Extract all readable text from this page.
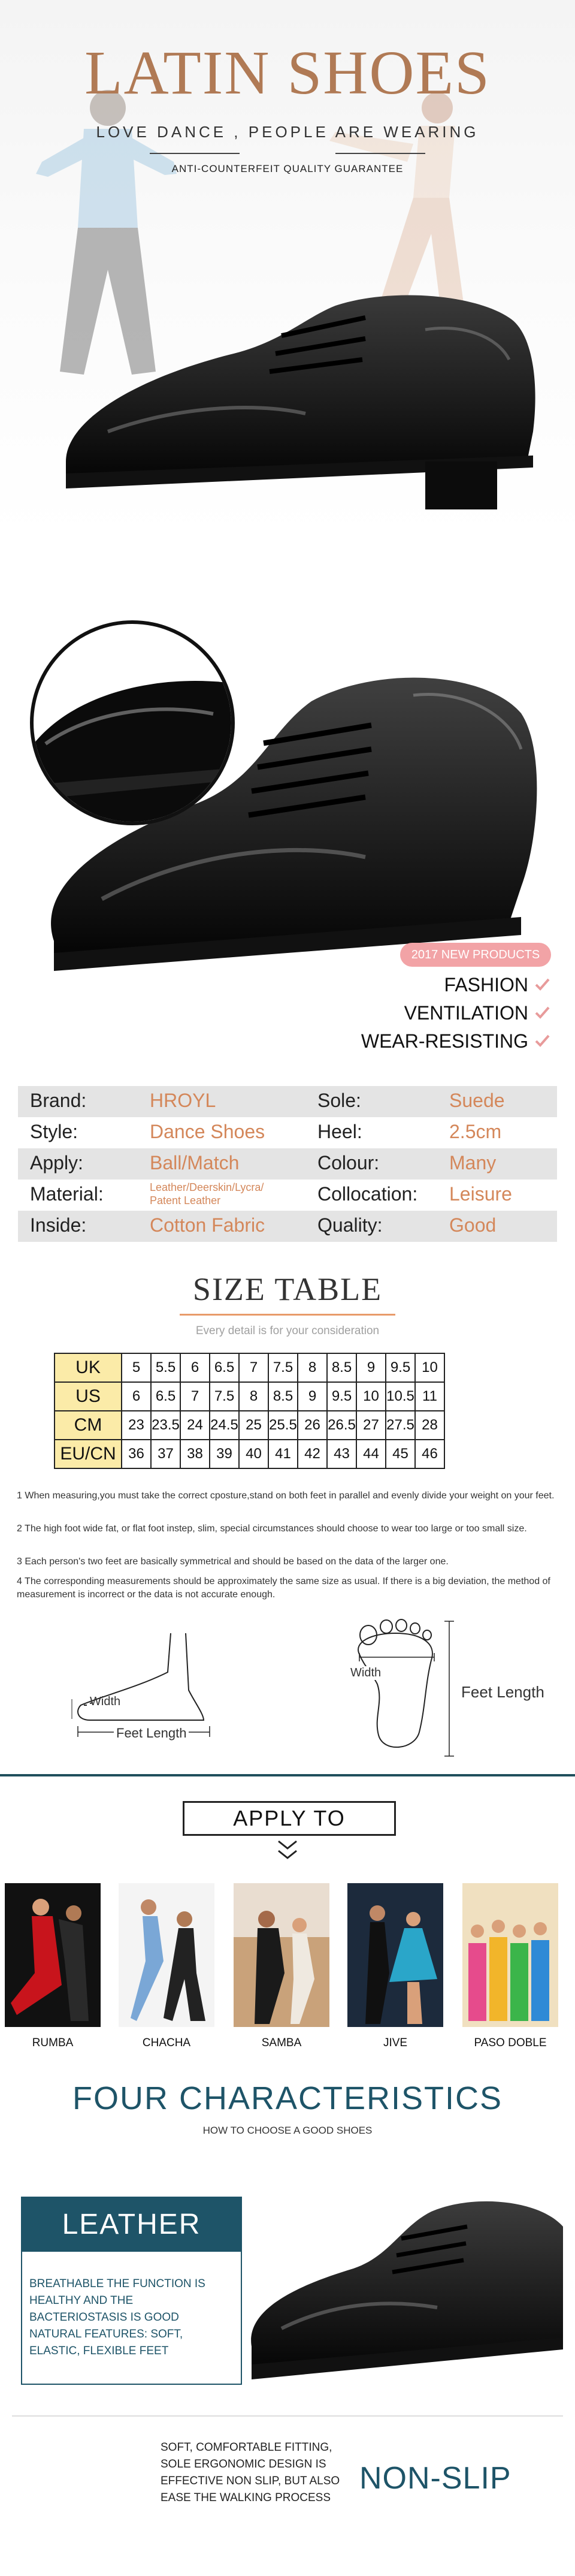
LATIN SHOES
LOVE DANCE , PEOPLE ARE WEARING
ANTI-COUNTERFEIT QUALITY GUARANTEE
2017 NEW PRODUCTS
FASHION
VENTILATION
WEAR-RESISTING
Brand:	HROYL	Sole:	Suede
Style:	Dance Shoes	Heel:	2.5cm
Apply:	Ball/Match	Colour:	Many
Material:	Leather/Deerskin/Lycra/ Patent Leather	Collocation: Leisure
Inside:	Cotton Fabric	Quality:	Good
SIZE TABLE
Every detail is for your consideration
UK	5	5.5	6	6.5	7	7.5	8	8.5	9	9.5	10
US	6	6.5	7	7.5	8	8.5	9	9.5	10	10.5	11
CM	23	23.5	24	24.5	25	25.5	26	26.5	27	27.5	28
EU/CN	36	37	38	39	40	41	42	43	44	45	46
1 When measuring,you must take the correct cposture,stand on both feet in parallel and evenly divide your weight on your feet.
2 The high foot wide fat, or flat foot instep, slim, special circumstances should choose to wear too large or too small size.
3 Each person's two feet are basically symmetrical and should be based on the data of the larger one.
4 The corresponding measurements should be approximately the same size as usual. If there is a big deviation, the method of measurement is incorrect or the data is not accurate enough.
Width
Feet Length
Width
Feet Length
APPLY TO
RUMBA	CHACHA	SAMBA	JIVE	PASO DOBLE
FOUR CHARACTERISTICS
HOW TO CHOOSE A GOOD SHOES
LEATHER
BREATHABLE THE FUNCTION IS HEALTHY AND THE BACTERIOSTASIS IS GOOD NATURAL FEATURES: SOFT, ELASTIC, FLEXIBLE FEET
SOFT, COMFORTABLE FITTING, SOLE ERGONOMIC DESIGN IS EFFECTIVE NON SLIP, BUT ALSO EASE THE WALKING PROCESS
NON-SLIP
